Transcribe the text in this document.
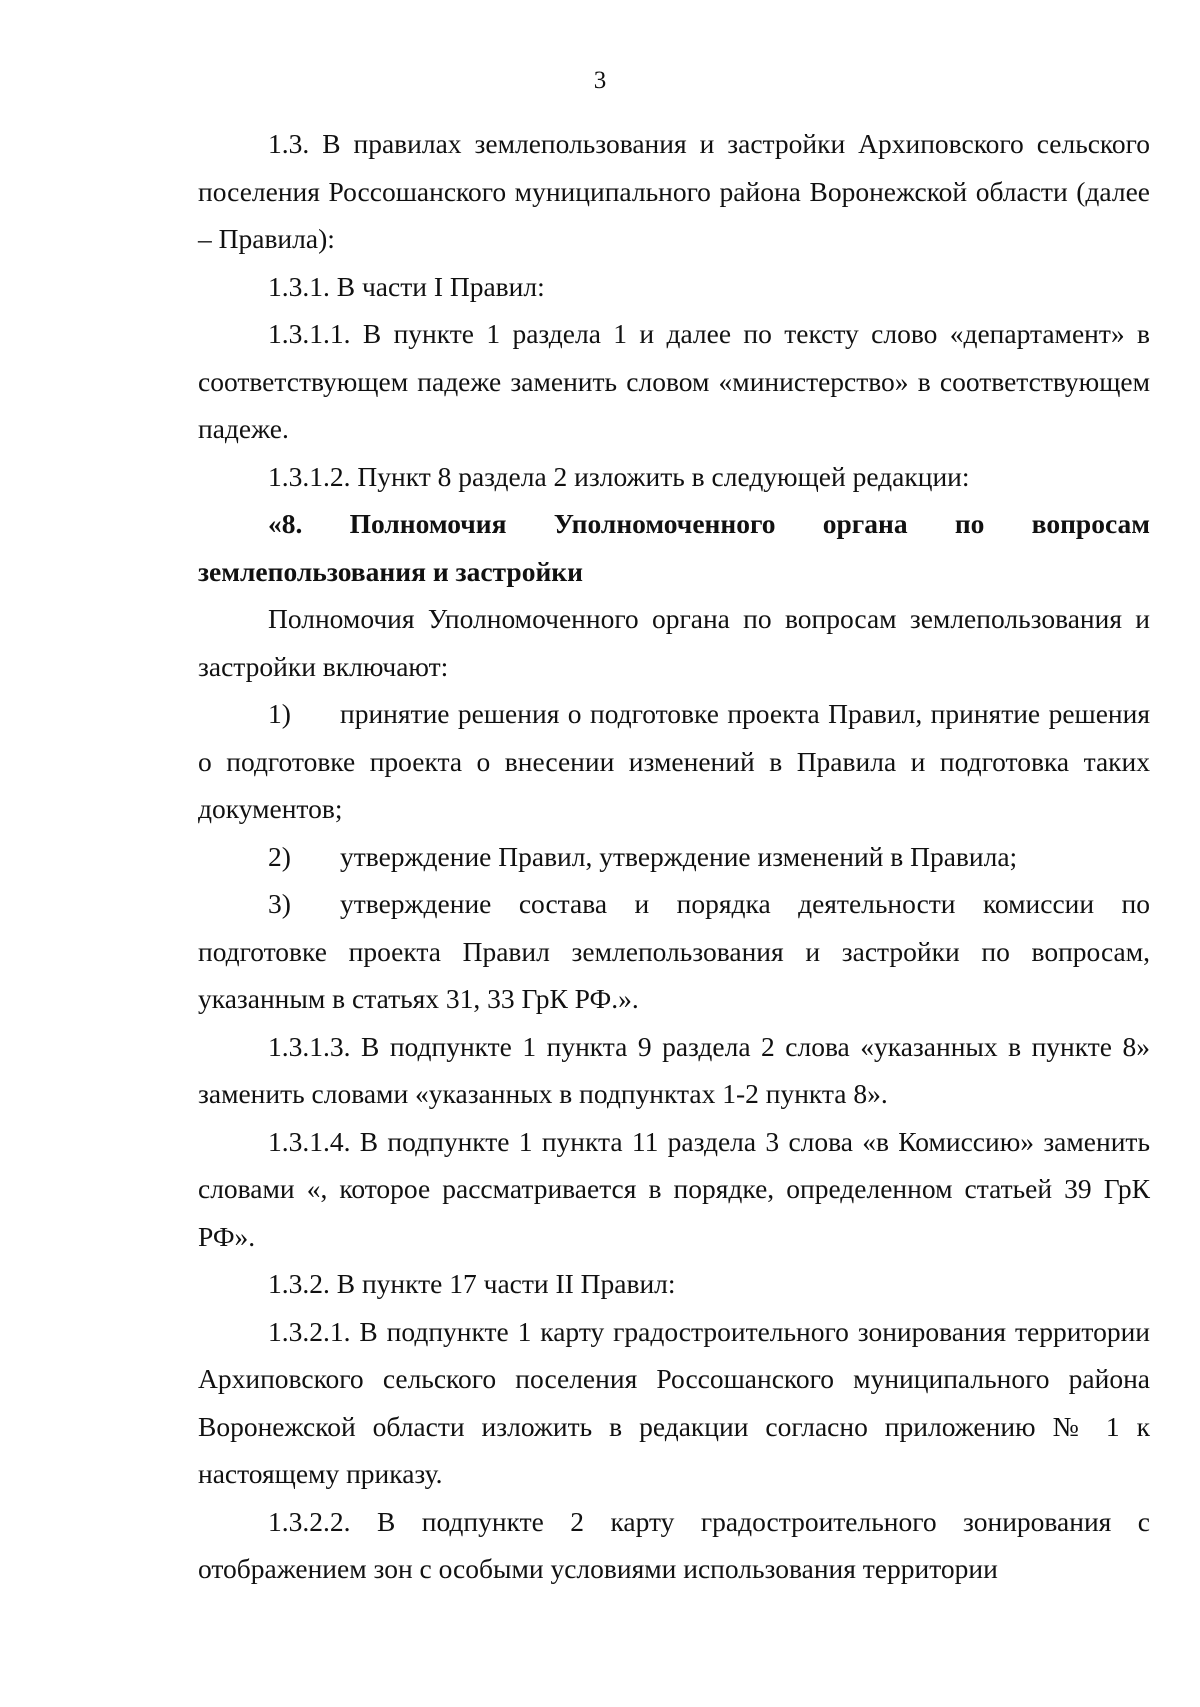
3

1.3. В правилах землепользования и застройки Архиповского сельского поселения Россошанского муниципального района Воронежской области (далее – Правила):

1.3.1. В части I Правил:

1.3.1.1. В пункте 1 раздела 1 и далее по тексту слово «департамент» в соответствующем падеже заменить словом «министерство» в соответствующем падеже.

1.3.1.2. Пункт 8 раздела 2 изложить в следующей редакции:

«8. Полномочия Уполномоченного органа по вопросам землепользования и застройки

Полномочия Уполномоченного органа по вопросам землепользования и застройки включают:

1) принятие решения о подготовке проекта Правил, принятие решения о подготовке проекта о внесении изменений в Правила и подготовка таких документов;

2) утверждение Правил, утверждение изменений в Правила;

3) утверждение состава и порядка деятельности комиссии по подготовке проекта Правил землепользования и застройки по вопросам, указанным в статьях 31, 33 ГрК РФ.».

1.3.1.3. В подпункте 1 пункта 9 раздела 2 слова «указанных в пункте 8» заменить словами «указанных в подпунктах 1-2 пункта 8».

1.3.1.4. В подпункте 1 пункта 11 раздела 3 слова «в Комиссию» заменить словами «, которое рассматривается в порядке, определенном статьей 39 ГрК РФ».

1.3.2. В пункте 17 части II Правил:

1.3.2.1. В подпункте 1 карту градостроительного зонирования территории Архиповского сельского поселения Россошанского муниципального района Воронежской области изложить в редакции согласно приложению № 1 к настоящему приказу.

1.3.2.2. В подпункте 2 карту градостроительного зонирования с отображением зон с особыми условиями использования территории
